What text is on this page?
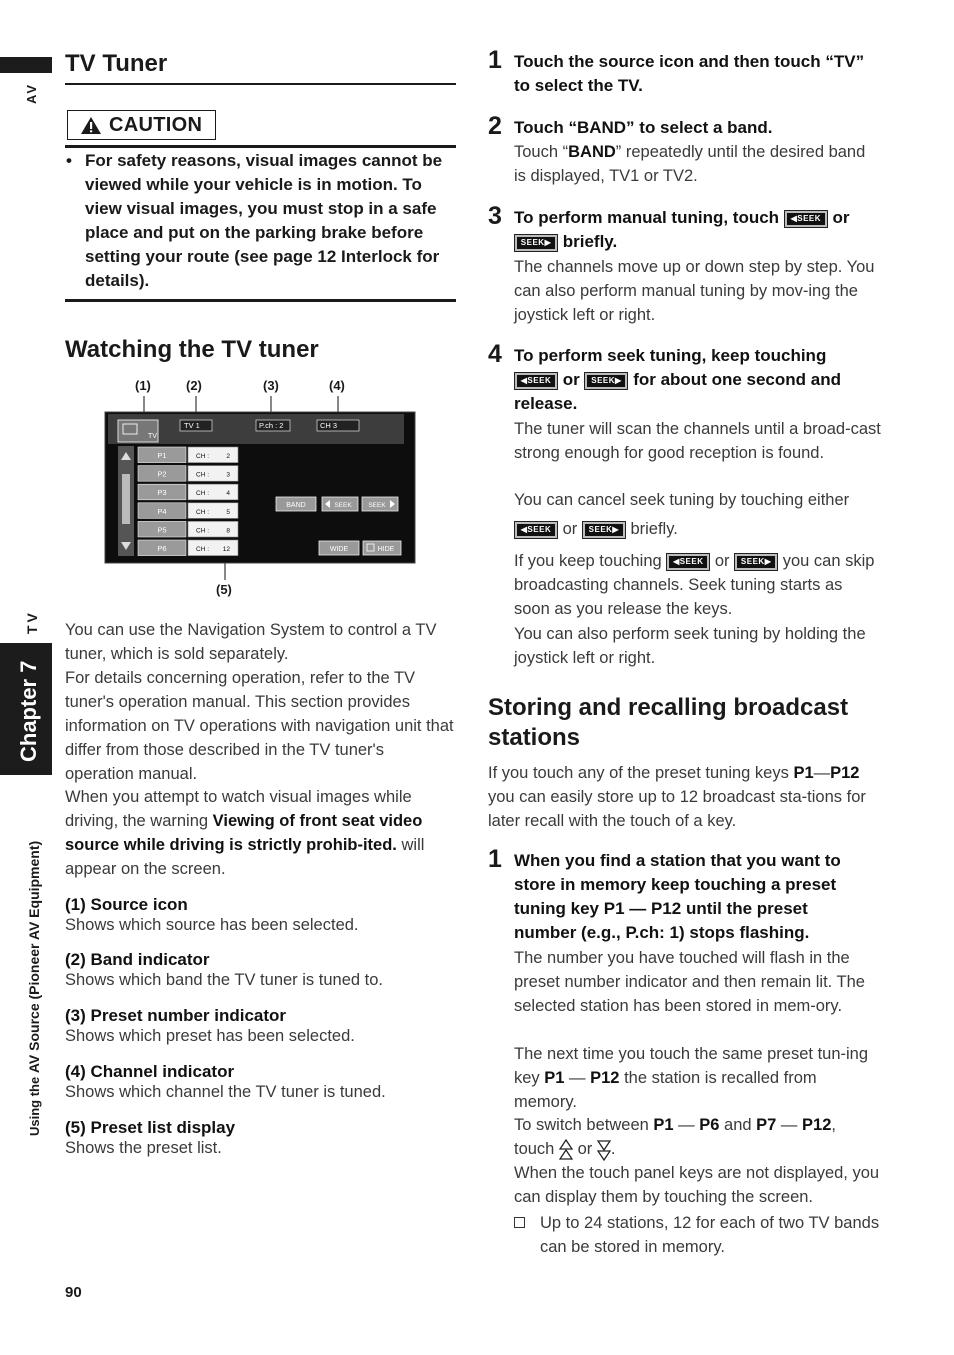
AV
TV
Chapter 7
Using the AV Source (Pioneer AV Equipment)
TV Tuner
CAUTION
• For safety reasons, visual images cannot be viewed while your vehicle is in motion. To view visual images, you must stop in a safe place and put on the parking brake before setting your route (see page 12 Interlock for details).
Watching the TV tuner
(1)	(2)	(3)	(4)
(5)
TV
TV 1	P.ch : 2	CH 3
P1	CH :	2
P2	CH :	3
P3	CH :	4
P4	CH :	5
P5	CH :	8
P6	CH : 12
BAND	SEEK	SEEK
WIDE	HIDE
You can use the Navigation System to control a TV tuner, which is sold separately.
For details concerning operation, refer to the TV tuner's operation manual. This section provides information on TV operations with navigation unit that differ from those described in the TV tuner's operation manual.
When you attempt to watch visual images while driving, the warning Viewing of front seat video source while driving is strictly prohib-ited. will appear on the screen.
(1) Source icon
Shows which source has been selected.
(2) Band indicator
Shows which band the TV tuner is tuned to.
(3) Preset number indicator
Shows which preset has been selected.
(4) Channel indicator
Shows which channel the TV tuner is tuned.
(5) Preset list display
Shows the preset list.
90
1 Touch the source icon and then touch “TV” to select the TV.
2 Touch “BAND” to select a band.
Touch “BAND” repeatedly until the desired band is displayed, TV1 or TV2.
3 To perform manual tuning, touch	◀SEEK or

SEEK▶ briefly.
The channels move up or down step by step. You can also perform manual tuning by mov-ing the joystick left or right.
4 To perform seek tuning, keep touching

◀SEEK or	SEEK▶ for about one second and release.
The tuner will scan the channels until a broad-cast strong enough for good reception is found.
You can cancel seek tuning by touching either
◀SEEK or	SEEK▶ briefly.
If you keep touching	◀SEEK or	SEEK▶ you can skip broadcasting channels. Seek tuning starts as soon as you release the keys.
You can also perform seek tuning by holding the joystick left or right.
Storing and recalling broadcast stations
If you touch any of the preset tuning keys P1—P12 you can easily store up to 12 broadcast sta-tions for later recall with the touch of a key.
1 When you find a station that you want to store in memory keep touching a preset tuning key P1 — P12 until the preset number (e.g., P.ch: 1) stops flashing.
The number you have touched will flash in the preset number indicator and then remain lit. The selected station has been stored in mem-ory.
The next time you touch the same preset tun-ing key P1 — P12 the station is recalled from memory.
To switch between P1 — P6 and P7 — P12,
touch or .
When the touch panel keys are not displayed, you can display them by touching the screen.
Up to 24 stations, 12 for each of two TV bands can be stored in memory.
